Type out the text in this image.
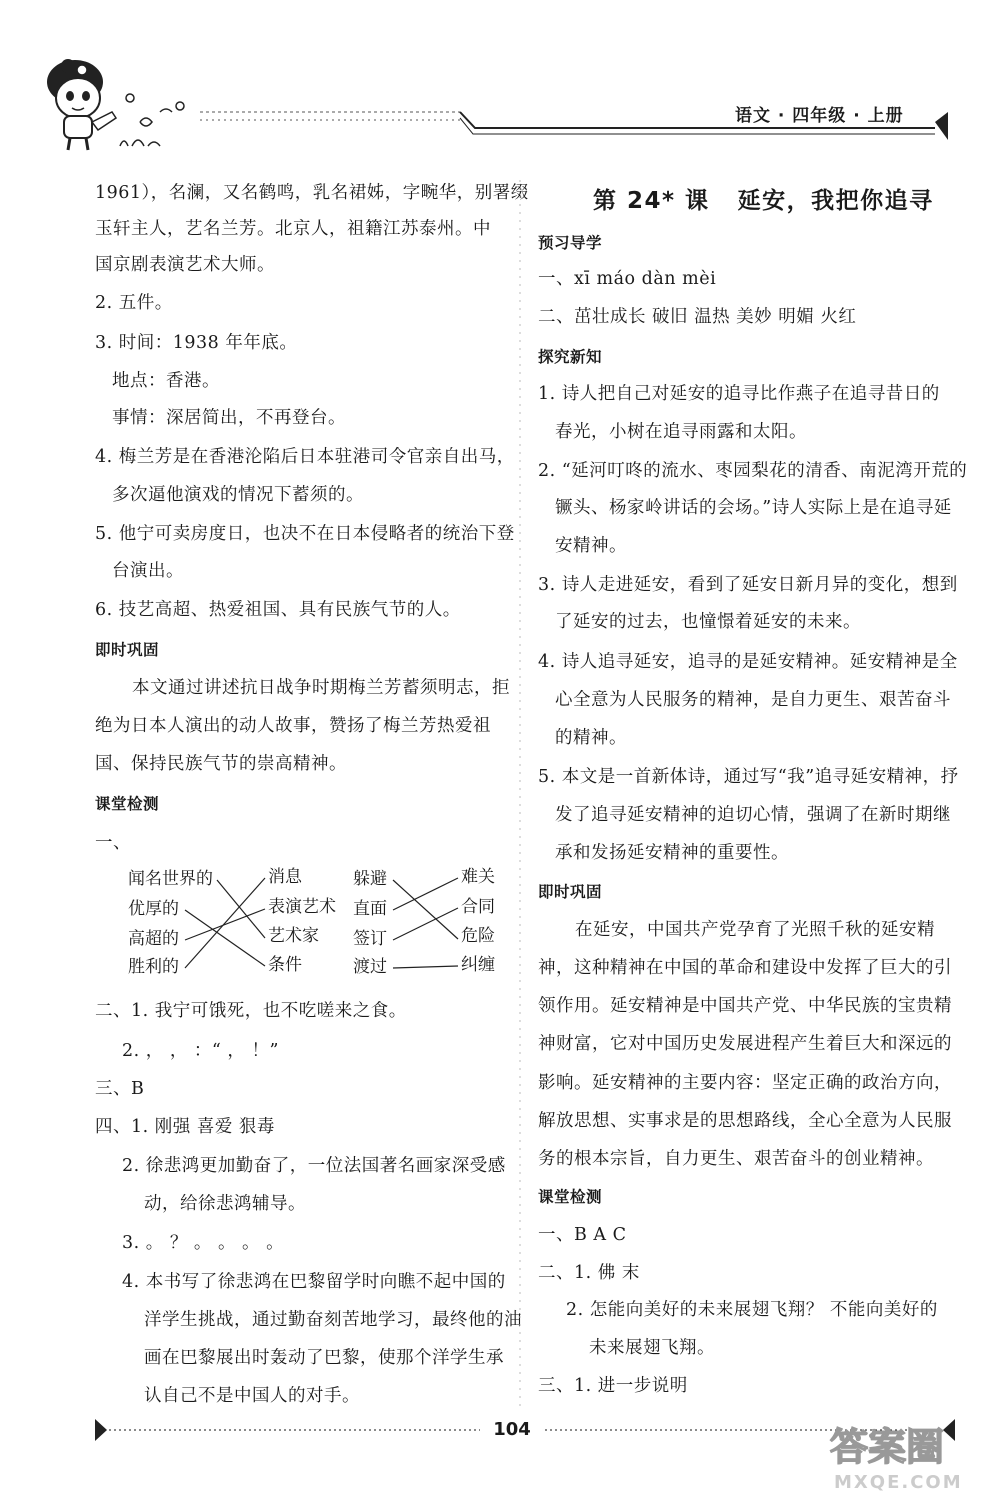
语文 · 四年级 · 上册
1961），名澜，又名鹤鸣，乳名裙姊，字畹华，别署缀
玉轩主人，艺名兰芳。北京人，祖籍江苏泰州。中
国京剧表演艺术大师。
2. 五件。
3. 时间：1938 年年底。
地点：香港。
事情：深居简出，不再登台。
4. 梅兰芳是在香港沦陷后日本驻港司令官亲自出马，
多次逼他演戏的情况下蓄须的。
5. 他宁可卖房度日，也决不在日本侵略者的统治下登
台演出。
6. 技艺高超、热爱祖国、具有民族气节的人。
即时巩固
本文通过讲述抗日战争时期梅兰芳蓄须明志，拒
绝为日本人演出的动人故事，赞扬了梅兰芳热爱祖
国、保持民族气节的崇高精神。
课堂检测
一、
闻名世界的
优厚的
高超的
胜利的
消息
表演艺术
艺术家
条件
躲避
直面
签订
渡过
难关
合同
危险
纠缠
二、1. 我宁可饿死，也不吃嗟来之食。
2. ， ， ：“ ， ！”
三、B
四、1. 刚强 喜爱 狠毒
2. 徐悲鸿更加勤奋了，一位法国著名画家深受感
动，给徐悲鸿辅导。
3. 。 ？ 。 。 。 。
4. 本书写了徐悲鸿在巴黎留学时向瞧不起中国的
洋学生挑战，通过勤奋刻苦地学习，最终他的油
画在巴黎展出时轰动了巴黎，使那个洋学生承
认自己不是中国人的对手。
第 24* 课 延安，我把你追寻
预习导学
一、xī máo dàn mèi
二、茁壮成长 破旧 温热 美妙 明媚 火红
探究新知
1. 诗人把自己对延安的追寻比作燕子在追寻昔日的
春光，小树在追寻雨露和太阳。
2. “延河叮咚的流水、枣园梨花的清香、南泥湾开荒的
镢头、杨家岭讲话的会场。”诗人实际上是在追寻延
安精神。
3. 诗人走进延安，看到了延安日新月异的变化，想到
了延安的过去，也憧憬着延安的未来。
4. 诗人追寻延安，追寻的是延安精神。延安精神是全
心全意为人民服务的精神，是自力更生、艰苦奋斗
的精神。
5. 本文是一首新体诗，通过写“我”追寻延安精神，抒
发了追寻延安精神的迫切心情，强调了在新时期继
承和发扬延安精神的重要性。
即时巩固
在延安，中国共产党孕育了光照千秋的延安精
神，这种精神在中国的革命和建设中发挥了巨大的引
领作用。延安精神是中国共产党、中华民族的宝贵精
神财富，它对中国历史发展进程产生着巨大和深远的
影响。延安精神的主要内容：坚定正确的政治方向，
解放思想、实事求是的思想路线，全心全意为人民服
务的根本宗旨，自力更生、艰苦奋斗的创业精神。
课堂检测
一、B A C
二、1. 佛 末
2. 怎能向美好的未来展翅飞翔？ 不能向美好的
未来展翅飞翔。
三、1. 进一步说明
104	答案圈
MXQE.COM
